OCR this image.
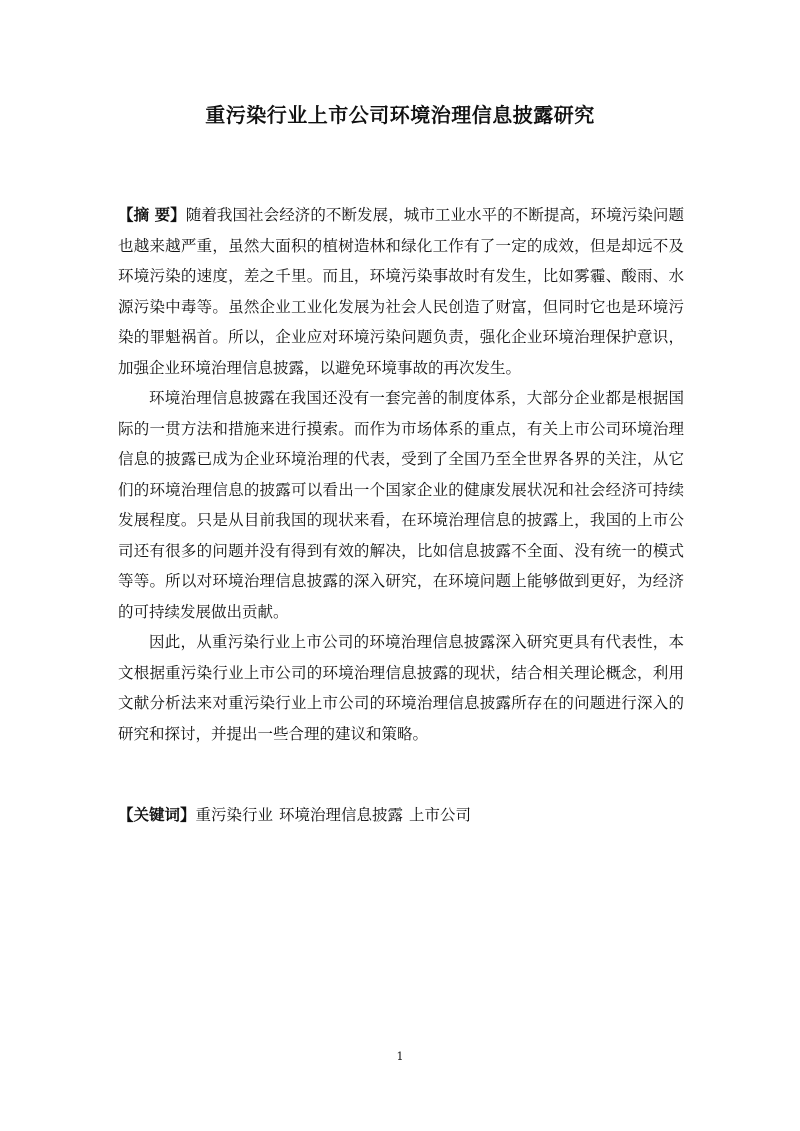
重污染行业上市公司环境治理信息披露研究

【摘 要】随着我国社会经济的不断发展，城市工业水平的不断提高，环境污染问题也越来越严重，虽然大面积的植树造林和绿化工作有了一定的成效，但是却远不及环境污染的速度，差之千里。而且，环境污染事故时有发生，比如雾霾、酸雨、水源污染中毒等。虽然企业工业化发展为社会人民创造了财富，但同时它也是环境污染的罪魁祸首。所以，企业应对环境污染问题负责，强化企业环境治理保护意识，加强企业环境治理信息披露，以避免环境事故的再次发生。

环境治理信息披露在我国还没有一套完善的制度体系，大部分企业都是根据国际的一贯方法和措施来进行摸索。而作为市场体系的重点，有关上市公司环境治理信息的披露已成为企业环境治理的代表，受到了全国乃至全世界各界的关注，从它们的环境治理信息的披露可以看出一个国家企业的健康发展状况和社会经济可持续发展程度。只是从目前我国的现状来看，在环境治理信息的披露上，我国的上市公司还有很多的问题并没有得到有效的解决，比如信息披露不全面、没有统一的模式等等。所以对环境治理信息披露的深入研究，在环境问题上能够做到更好，为经济的可持续发展做出贡献。

因此，从重污染行业上市公司的环境治理信息披露深入研究更具有代表性，本文根据重污染行业上市公司的环境治理信息披露的现状，结合相关理论概念，利用文献分析法来对重污染行业上市公司的环境治理信息披露所存在的问题进行深入的研究和探讨，并提出一些合理的建议和策略。

【关键词】重污染行业 环境治理信息披露 上市公司

1
